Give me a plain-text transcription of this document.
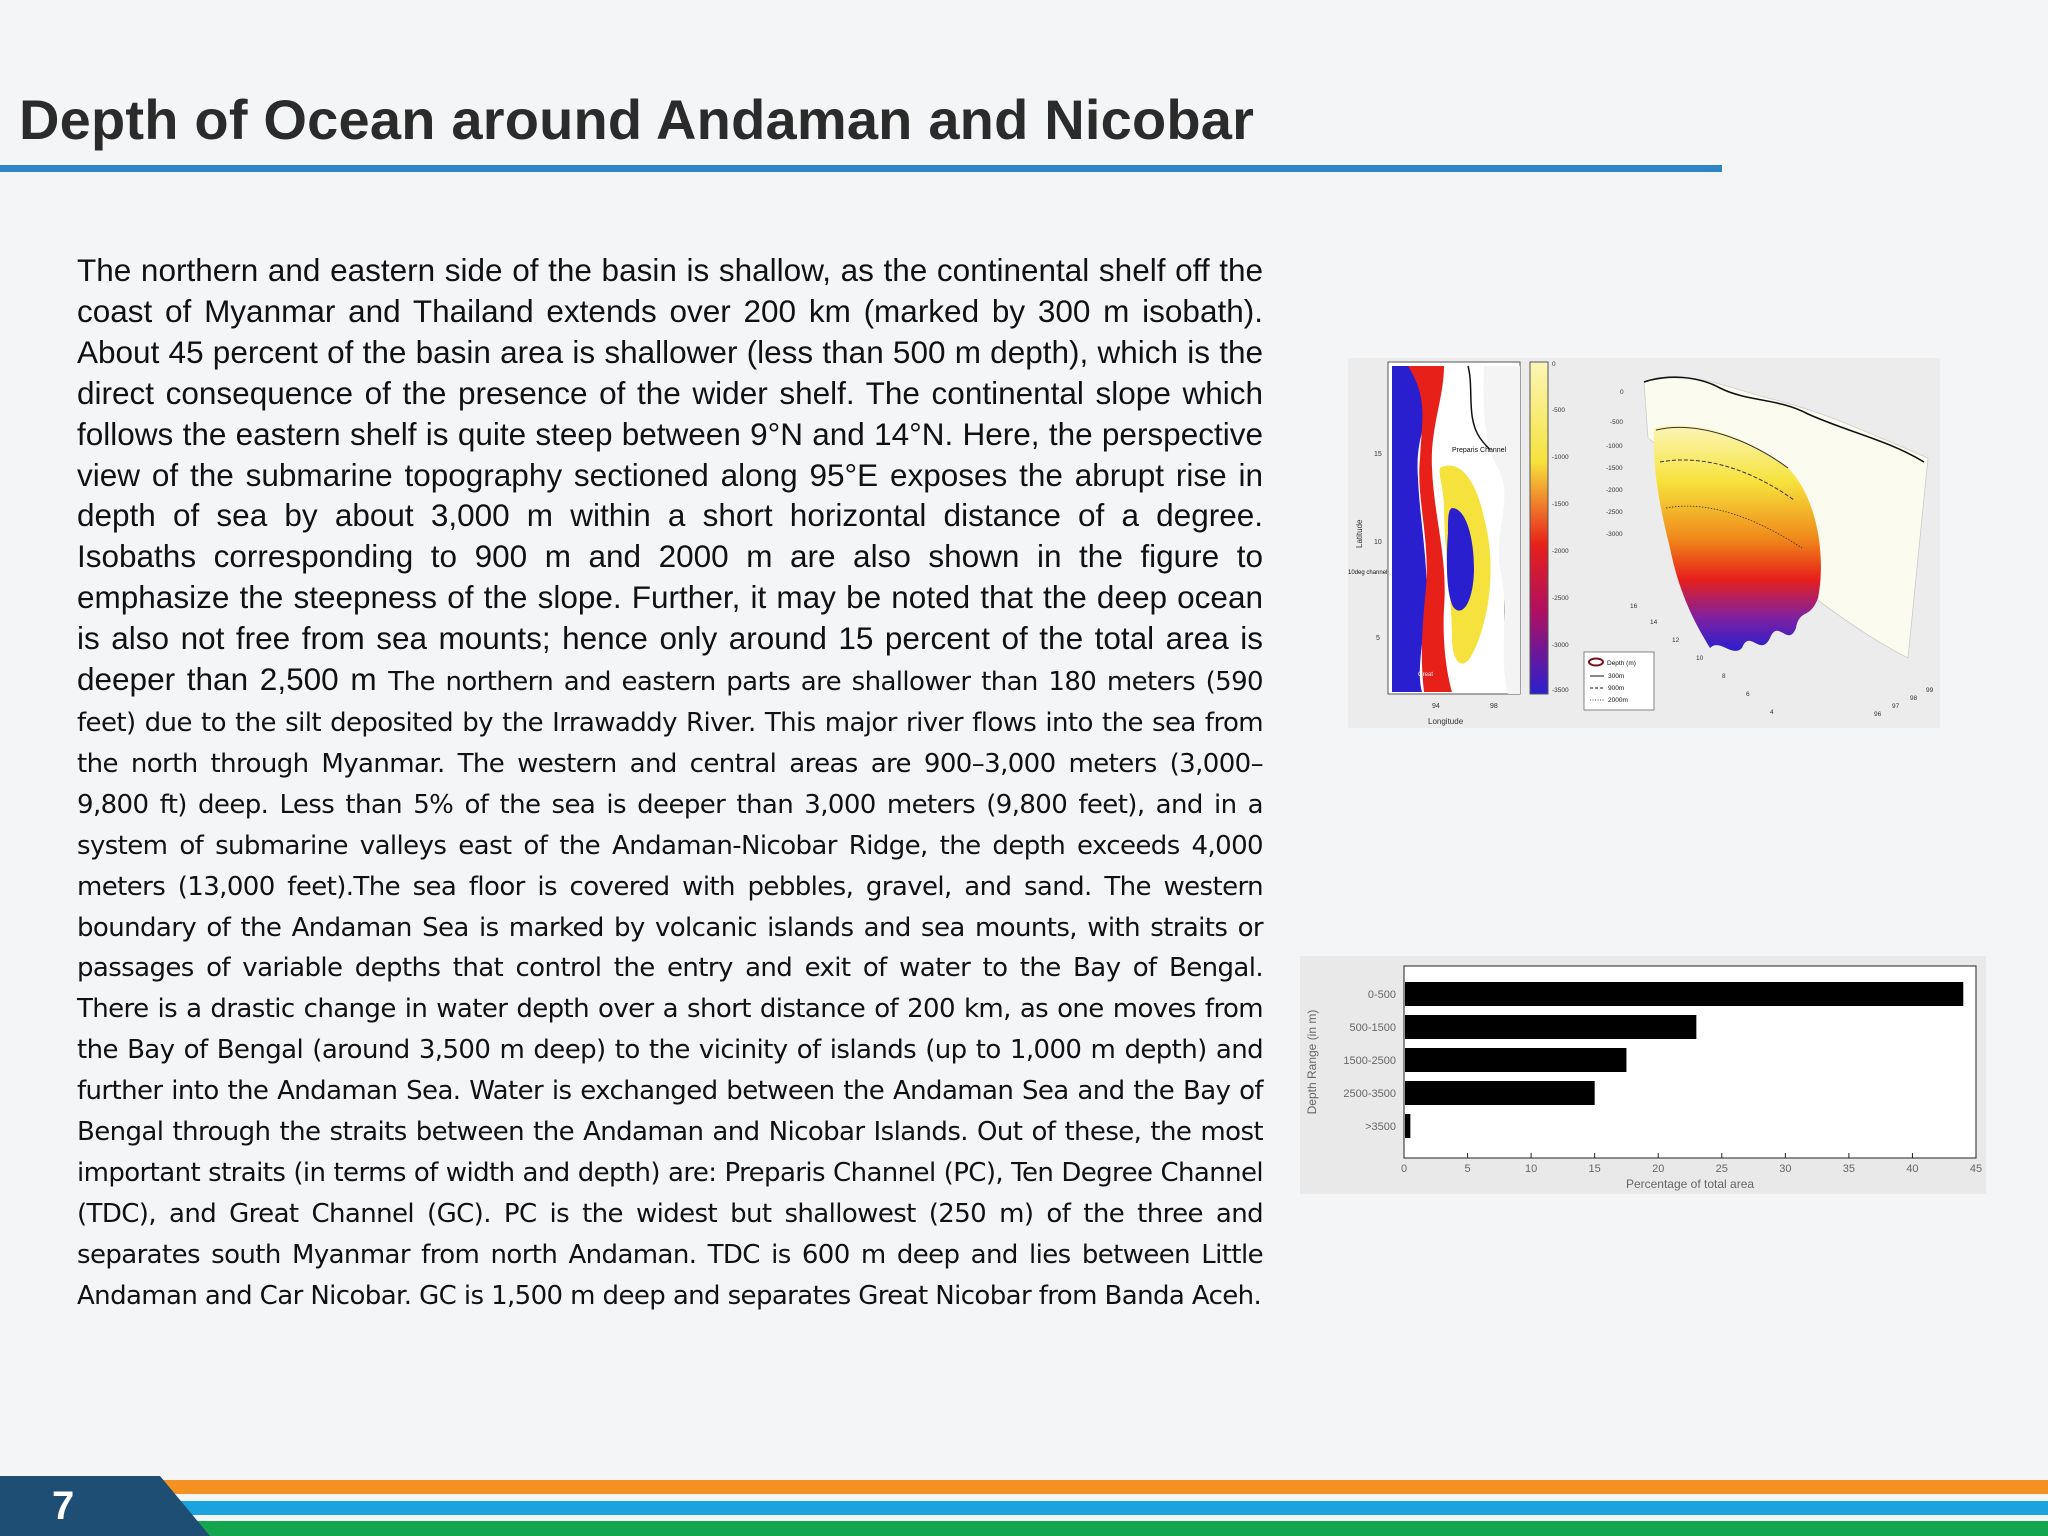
Depth of Ocean around Andaman and Nicobar

The northern and eastern side of the basin is shallow, as the continental shelf off the coast of Myanmar and Thailand extends over 200 km (marked by 300 m isobath). About 45 percent of the basin area is shallower (less than 500 m depth), which is the direct consequence of the presence of the wider shelf. The continental slope which follows the eastern shelf is quite steep between 9°N and 14°N. Here, the perspective view of the submarine topography sectioned along 95°E exposes the abrupt rise in depth of sea by about 3,000 m within a short horizontal distance of a degree. Isobaths corresponding to 900 m and 2000 m are also shown in the figure to emphasize the steepness of the slope. Further, it may be noted that the deep ocean is also not free from sea mounts; hence only around 15 percent of the total area is deeper than 2,500 m The northern and eastern parts are shallower than 180 meters (590 feet) due to the silt deposited by the Irrawaddy River. This major river flows into the sea from the north through Myanmar. The western and central areas are 900–3,000 meters (3,000–9,800 ft) deep. Less than 5% of the sea is deeper than 3,000 meters (9,800 feet), and in a system of submarine valleys east of the Andaman-Nicobar Ridge, the depth exceeds 4,000 meters (13,000 feet).The sea floor is covered with pebbles, gravel, and sand. The western boundary of the Andaman Sea is marked by volcanic islands and sea mounts, with straits or passages of variable depths that control the entry and exit of water to the Bay of Bengal. There is a drastic change in water depth over a short distance of 200 km, as one moves from the Bay of Bengal (around 3,500 m deep) to the vicinity of islands (up to 1,000 m depth) and further into the Andaman Sea. Water is exchanged between the Andaman Sea and the Bay of Bengal through the straits between the Andaman and Nicobar Islands. Out of these, the most important straits (in terms of width and depth) are: Preparis Channel (PC), Ten Degree Channel (TDC), and Great Channel (GC). PC is the widest but shallowest (250 m) of the three and separates south Myanmar from north Andaman. TDC is 600 m deep and lies between Little Andaman and Car Nicobar. GC is 1,500 m deep and separates Great Nicobar from Banda Aceh.

Preparis Channel
10deg channel
Great
Latitude
Longitude
15
10
5
94	98
0
-500
-1000
-1500
-2000
-2500
-3000
-3500
0
-500
-1000
-1500
-2000
-2500
-3000
16
14
12
10
8
6
4	96
97
98
99
Depth (m)
300m
900m
2000m
Depth Range (in m)
Percentage of total area
0-500
500-1500
1500-2500
2500-3500
>3500
0	5	10	15	20	25	30	35	40	45
7
